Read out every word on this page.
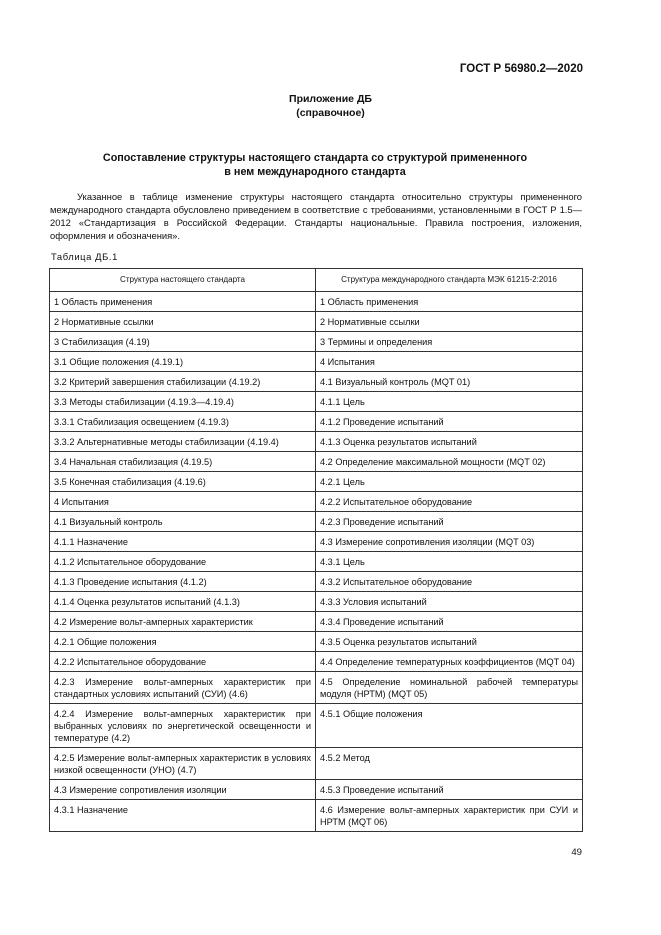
ГОСТ Р 56980.2—2020
Приложение ДБ
(справочное)
Сопоставление структуры настоящего стандарта со структурой примененного
в нем международного стандарта
Указанное в таблице изменение структуры настоящего стандарта относительно структуры примененного международного стандарта обусловлено приведением в соответствие с требованиями, установленными в ГОСТ Р 1.5—2012 «Стандартизация в Российской Федерации. Стандарты национальные. Правила построения, изложения, оформления и обозначения».
Таблица ДБ.1
Структура настоящего стандарта	Структура международного стандарта МЭК 61215-2:2016
1 Область применения	1 Область применения
2 Нормативные ссылки	2 Нормативные ссылки
3 Стабилизация (4.19)	3 Термины и определения
3.1 Общие положения (4.19.1)	4 Испытания
3.2 Критерий завершения стабилизации (4.19.2)	4.1 Визуальный контроль (MQT 01)
3.3 Методы стабилизации (4.19.3—4.19.4)	4.1.1 Цель
3.3.1 Стабилизация освещением (4.19.3)	4.1.2 Проведение испытаний
3.3.2 Альтернативные методы стабилизации (4.19.4)	4.1.3 Оценка результатов испытаний
3.4 Начальная стабилизация (4.19.5)	4.2 Определение максимальной мощности (MQT 02)
3.5 Конечная стабилизация (4.19.6)	4.2.1 Цель
4 Испытания	4.2.2 Испытательное оборудование
4.1 Визуальный контроль	4.2.3 Проведение испытаний
4.1.1 Назначение	4.3 Измерение сопротивления изоляции (MQT 03)
4.1.2 Испытательное оборудование	4.3.1 Цель
4.1.3 Проведение испытания (4.1.2)	4.3.2 Испытательное оборудование
4.1.4 Оценка результатов испытаний (4.1.3)	4.3.3 Условия испытаний
4.2 Измерение вольт-амперных характеристик	4.3.4 Проведение испытаний
4.2.1 Общие положения	4.3.5 Оценка результатов испытаний
4.2.2 Испытательное оборудование	4.4 Определение температурных коэффициентов (MQT 04)
4.2.3 Измерение вольт-амперных характеристик при стандартных условиях испытаний (СУИ) (4.6)	4.5 Определение номинальной рабочей температуры модуля (НРТМ) (MQT 05)
4.2.4 Измерение вольт-амперных характеристик при выбранных условиях по энергетической освещенности и температуре (4.2)	4.5.1 Общие положения
4.2.5 Измерение вольт-амперных характеристик в условиях низкой освещенности (УНО) (4.7)	4.5.2 Метод
4.3 Измерение сопротивления изоляции	4.5.3 Проведение испытаний
4.3.1 Назначение	4.6 Измерение вольт-амперных характеристик при СУИ и НРТМ (MQT 06)
49
